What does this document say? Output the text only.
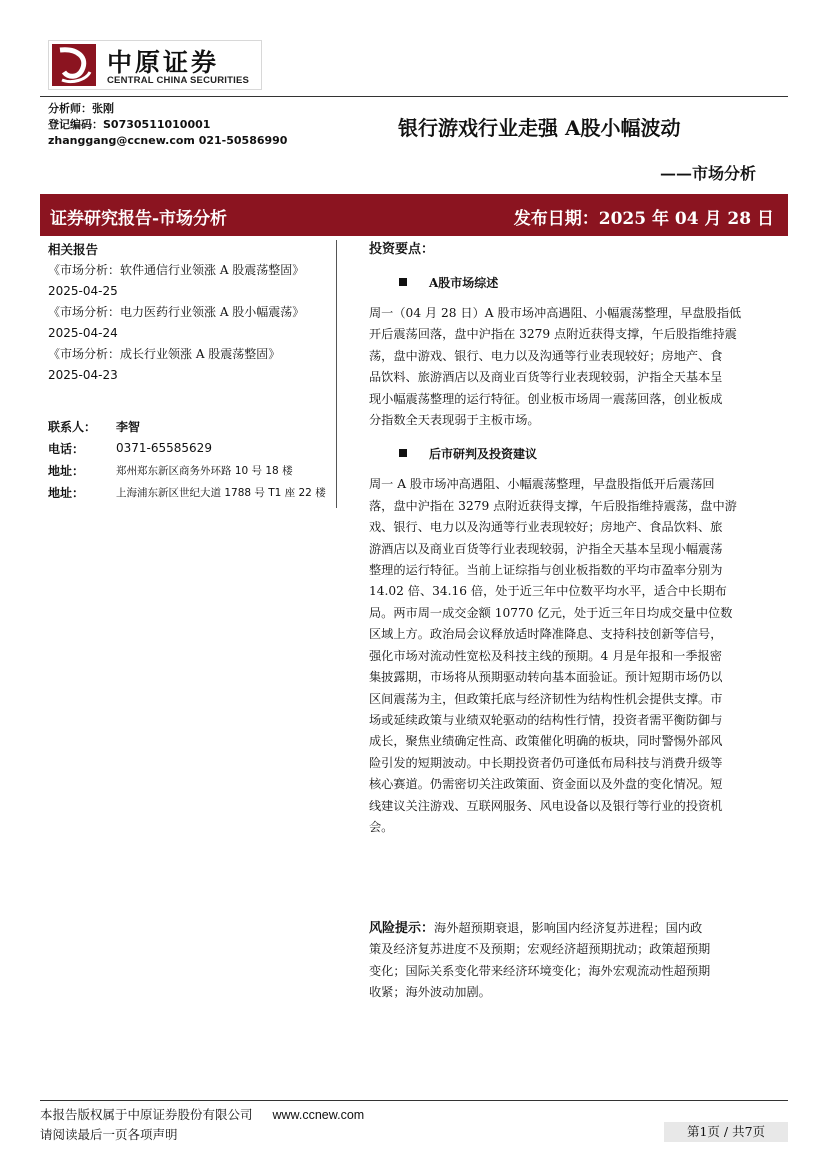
中原证券
CENTRAL CHINA SECURITIES
分析师：张刚
登记编码：S0730511010001
zhanggang@ccnew.com 021-50586990
银行游戏行业走强 A股小幅波动
——市场分析
证券研究报告-市场分析	发布日期：2025 年 04 月 28 日
相关报告
《市场分析：软件通信行业领涨 A 股震荡整固》
2025-04-25
《市场分析：电力医药行业领涨 A 股小幅震荡》
2025-04-24
《市场分析：成长行业领涨 A 股震荡整固》
2025-04-23
联系人：	李智
电话：	0371-65585629
地址：	郑州郑东新区商务外环路 10 号 18 楼
地址：	上海浦东新区世纪大道 1788 号 T1 座 22 楼
投资要点：
A股市场综述

周一（04 月 28 日）A 股市场冲高遇阻、小幅震荡整理，早盘股指低

开后震荡回落，盘中沪指在 3279 点附近获得支撑，午后股指维持震

荡，盘中游戏、银行、电力以及沟通等行业表现较好；房地产、食

品饮料、旅游酒店以及商业百货等行业表现较弱，沪指全天基本呈

现小幅震荡整理的运行特征。创业板市场周一震荡回落，创业板成

分指数全天表现弱于主板市场。

后市研判及投资建议

周一 A 股市场冲高遇阻、小幅震荡整理，早盘股指低开后震荡回

落，盘中沪指在 3279 点附近获得支撑，午后股指维持震荡，盘中游

戏、银行、电力以及沟通等行业表现较好；房地产、食品饮料、旅

游酒店以及商业百货等行业表现较弱，沪指全天基本呈现小幅震荡

整理的运行特征。当前上证综指与创业板指数的平均市盈率分别为

14.02 倍、34.16 倍，处于近三年中位数平均水平，适合中长期布

局。两市周一成交金额 10770 亿元，处于近三年日均成交量中位数

区域上方。政治局会议释放适时降准降息、支持科技创新等信号，

强化市场对流动性宽松及科技主线的预期。4 月是年报和一季报密

集披露期，市场将从预期驱动转向基本面验证。预计短期市场仍以

区间震荡为主，但政策托底与经济韧性为结构性机会提供支撑。市

场或延续政策与业绩双轮驱动的结构性行情，投资者需平衡防御与

成长，聚焦业绩确定性高、政策催化明确的板块，同时警惕外部风

险引发的短期波动。中长期投资者仍可逢低布局科技与消费升级等

核心赛道。仍需密切关注政策面、资金面以及外盘的变化情况。短

线建议关注游戏、互联网服务、风电设备以及银行等行业的投资机

会。

风险提示：海外超预期衰退，影响国内经济复苏进程；国内政

策及经济复苏进度不及预期；宏观经济超预期扰动；政策超预期

变化；国际关系变化带来经济环境变化；海外宏观流动性超预期

收紧；海外波动加剧。

本报告版权属于中原证券股份有限公司 www.ccnew.com
请阅读最后一页各项声明	第1页 / 共7页
